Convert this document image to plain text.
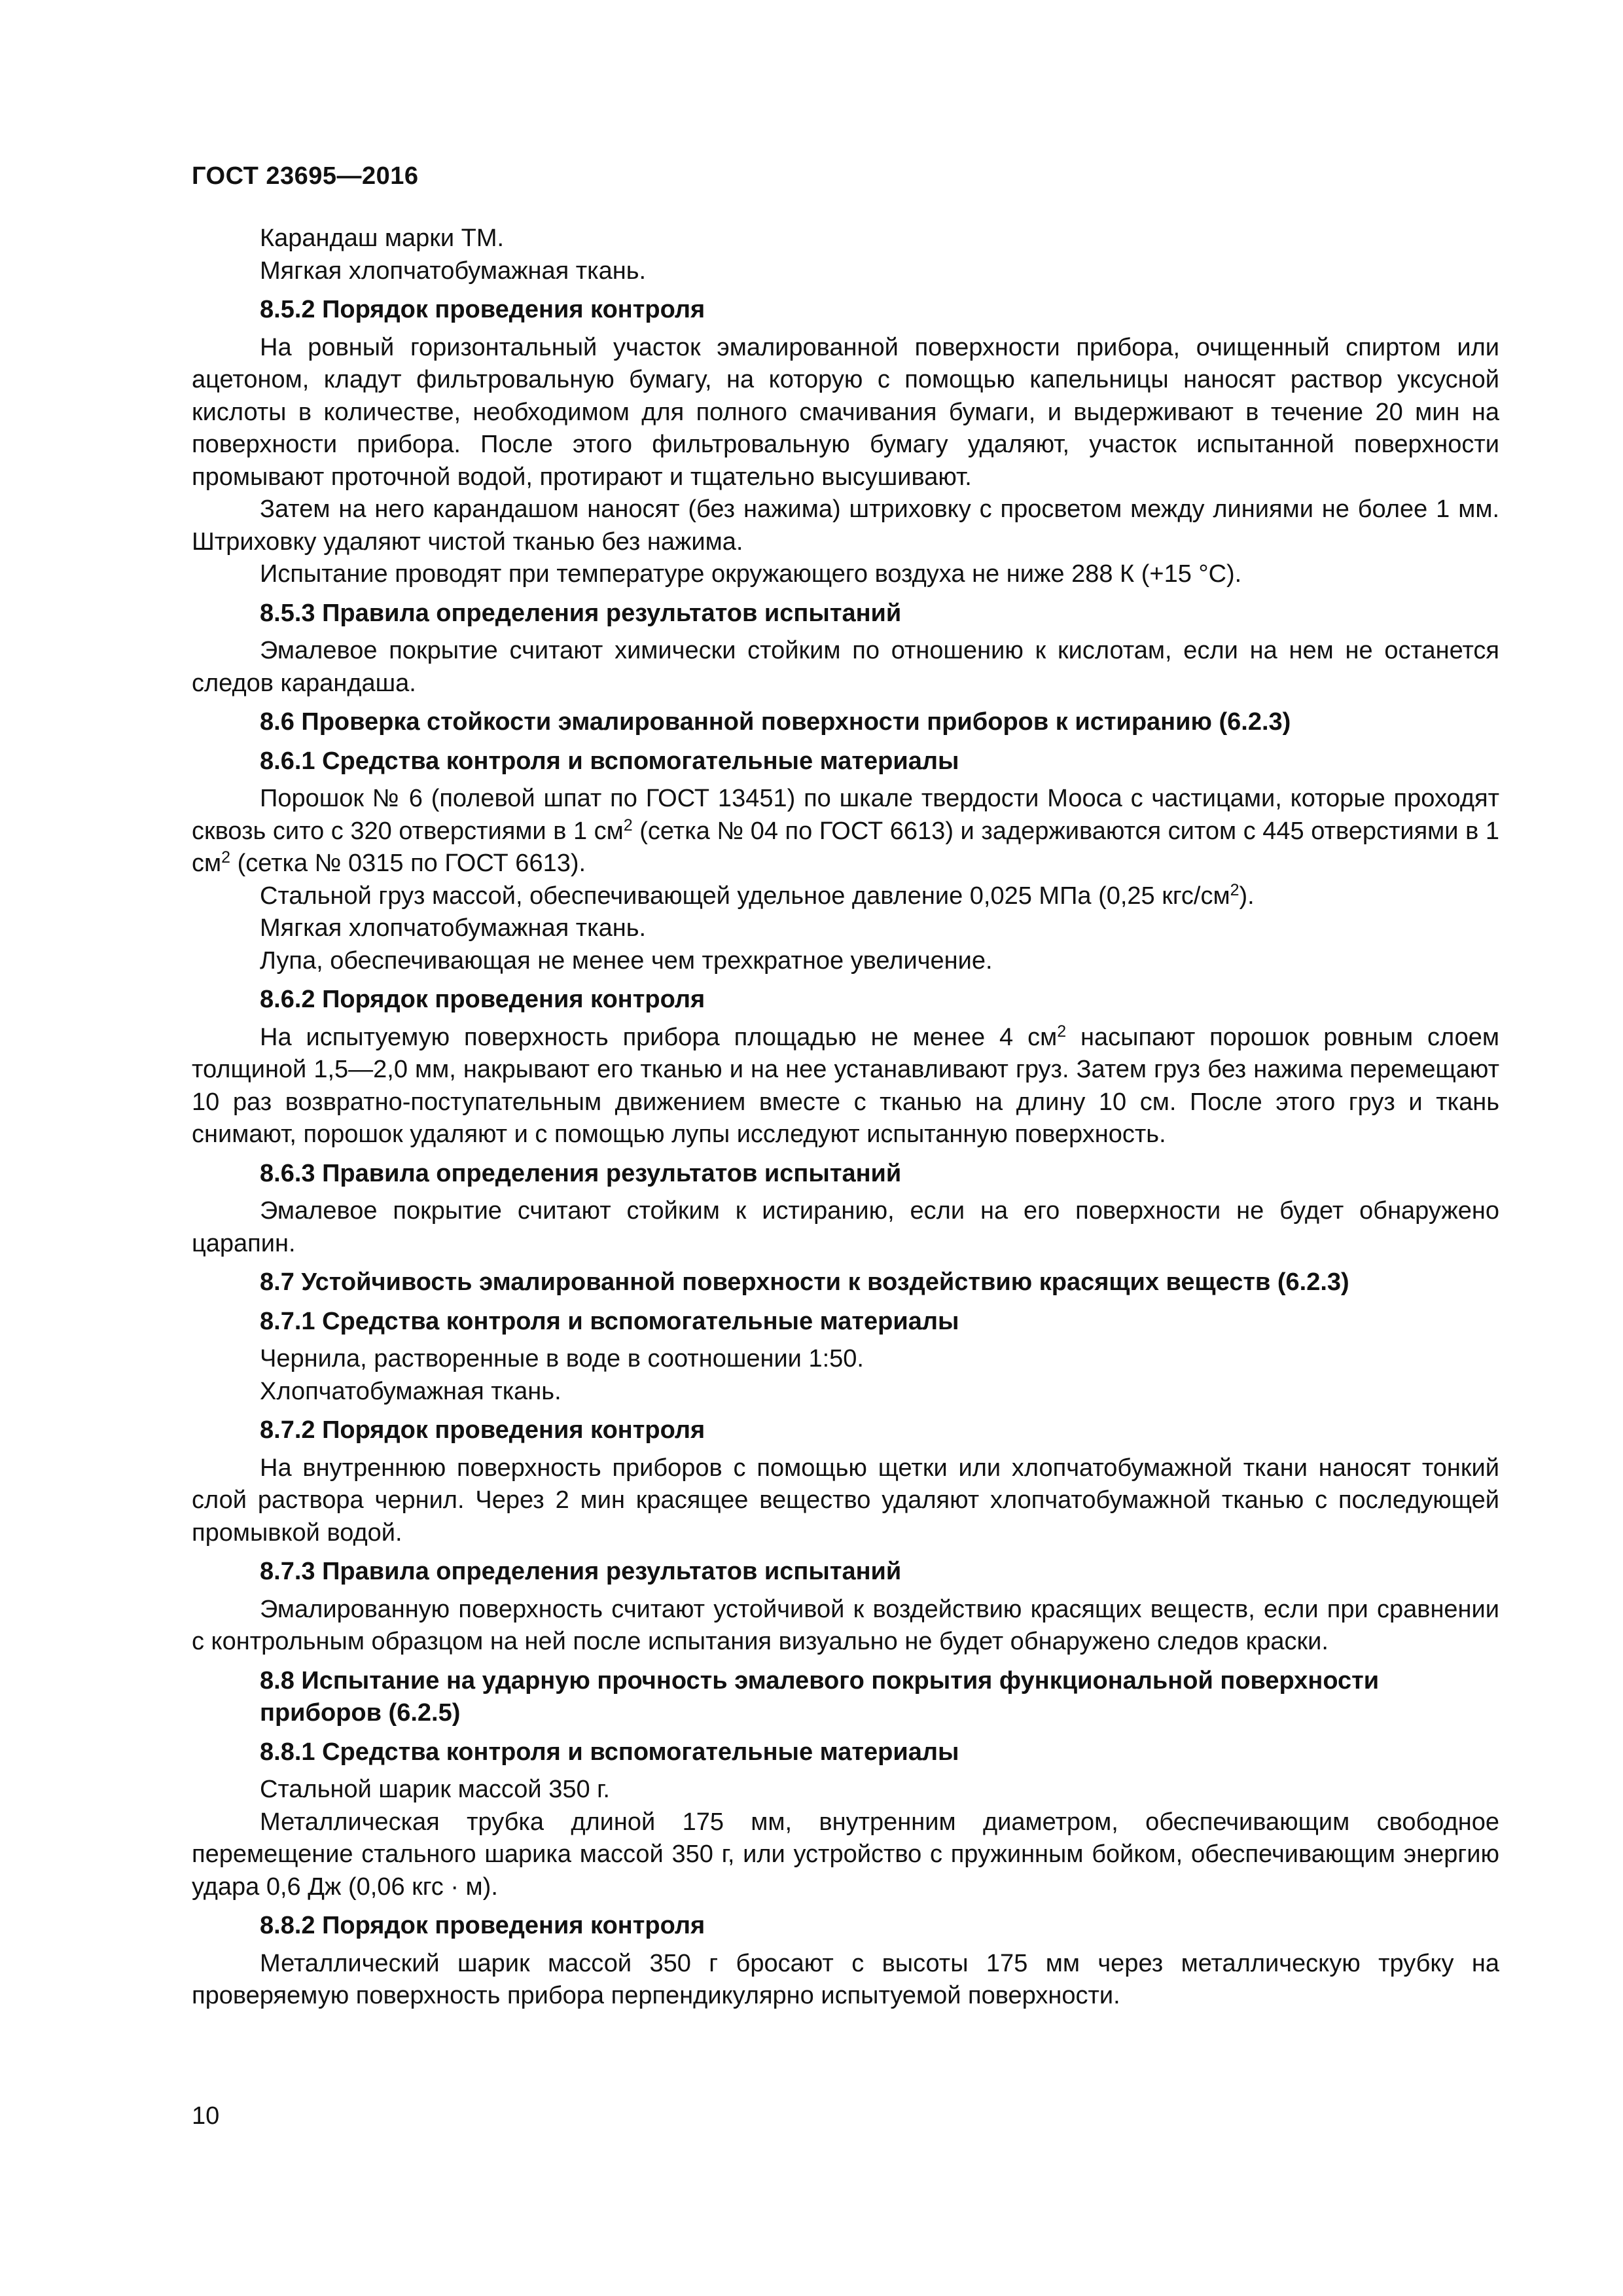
ГОСТ 23695—2016

Карандаш марки ТМ.

Мягкая хлопчатобумажная ткань.

8.5.2 Порядок проведения контроля

На ровный горизонтальный участок эмалированной поверхности прибора, очищенный спиртом или ацетоном, кладут фильтровальную бумагу, на которую с помощью капельницы наносят раствор уксусной кислоты в количестве, необходимом для полного смачивания бумаги, и выдерживают в течение 20 мин на поверхности прибора. После этого фильтровальную бумагу удаляют, участок испытанной поверхности промывают проточной водой, протирают и тщательно высушивают.

Затем на него карандашом наносят (без нажима) штриховку с просветом между линиями не более 1 мм. Штриховку удаляют чистой тканью без нажима.

Испытание проводят при температуре окружающего воздуха не ниже 288 К (+15 °С).

8.5.3 Правила определения результатов испытаний

Эмалевое покрытие считают химически стойким по отношению к кислотам, если на нем не останется следов карандаша.

8.6 Проверка стойкости эмалированной поверхности приборов к истиранию (6.2.3)
8.6.1 Средства контроля и вспомогательные материалы

Порошок № 6 (полевой шпат по ГОСТ 13451) по шкале твердости Мооса с частицами, которые проходят сквозь сито с 320 отверстиями в 1 $см^2$ (сетка № 04 по ГОСТ 6613) и задерживаются ситом с 445 отверстиями в 1 $см^2$ (сетка № 0315 по ГОСТ 6613).

Стальной груз массой, обеспечивающей удельное давление 0,025 МПа (0,25 кгс/$см^2$).

Мягкая хлопчатобумажная ткань.

Лупа, обеспечивающая не менее чем трехкратное увеличение.

8.6.2 Порядок проведения контроля

На испытуемую поверхность прибора площадью не менее 4 $см^2$ насыпают порошок ровным слоем толщиной 1,5—2,0 мм, накрывают его тканью и на нее устанавливают груз. Затем груз без нажима перемещают 10 раз возвратно-поступательным движением вместе с тканью на длину 10 см. После этого груз и ткань снимают, порошок удаляют и с помощью лупы исследуют испытанную поверхность.

8.6.3 Правила определения результатов испытаний

Эмалевое покрытие считают стойким к истиранию, если на его поверхности не будет обнаружено царапин.

8.7 Устойчивость эмалированной поверхности к воздействию красящих веществ (6.2.3)
8.7.1 Средства контроля и вспомогательные материалы

Чернила, растворенные в воде в соотношении 1:50.

Хлопчатобумажная ткань.

8.7.2 Порядок проведения контроля

На внутреннюю поверхность приборов с помощью щетки или хлопчатобумажной ткани наносят тонкий слой раствора чернил. Через 2 мин красящее вещество удаляют хлопчатобумажной тканью с последующей промывкой водой.

8.7.3 Правила определения результатов испытаний

Эмалированную поверхность считают устойчивой к воздействию красящих веществ, если при сравнении с контрольным образцом на ней после испытания визуально не будет обнаружено следов краски.

8.8 Испытание на ударную прочность эмалевого покрытия функциональной поверхности приборов (6.2.5)
8.8.1 Средства контроля и вспомогательные материалы

Стальной шарик массой 350 г.

Металлическая трубка длиной 175 мм, внутренним диаметром, обеспечивающим свободное перемещение стального шарика массой 350 г, или устройство с пружинным бойком, обеспечивающим энергию удара 0,6 Дж (0,06 кгс · м).

8.8.2 Порядок проведения контроля

Металлический шарик массой 350 г бросают с высоты 175 мм через металлическую трубку на проверяемую поверхность прибора перпендикулярно испытуемой поверхности.

10
